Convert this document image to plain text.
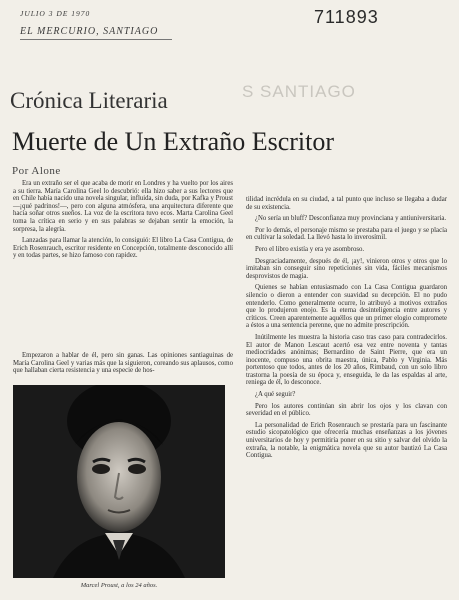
JULIO 3 DE 1970	711893
EL MERCURIO, SANTIAGO
S SANTIAGO
Crónica Literaria
Muerte de Un Extraño Escritor
Por Alone

Era un extraño ser el que acaba de morir en Londres y ha vuelto por los aires a su tierra. María Carolina Geel lo descubrió: ella hizo saber a sus lectores que en Chile había nacido una novela singular, influida, sin duda, por Kafka y Proust —¡qué padrinos!—, pero con alguna atmósfera, una arquitectura diferente que hacía soñar otros sueños. La voz de la escritora tuvo ecos. Marta Carolina Geel toma la crítica en serio y en sus palabras se dejaban sentir la emoción, la sorpresa, la alegría.

Lanzadas para llamar la atención, lo consiguió: El libro La Casa Contigua, de Erich Rosenrauch, escritor residente en Concepción, totalmente desconocido allí y en todas partes, se hizo famoso con rapidez.

Empezaron a hablar de él, pero sin ganas. Las opiniones santiaguinas de María Carolina Geel y varias más que la siguieron, coreando sus aplausos, como que hallaban cierta resistencia y una especie de hos-

Marcel Proust, a los 24 años.

tilidad incrédula en su ciudad, a tal punto que incluso se llegaba a dudar de su existencia.

¿No sería un bluff? Desconfianza muy provinciana y antiuniversitaria.

Por lo demás, el personaje mismo se prestaba para el juego y se placía en cultivar la soledad. La llevó hasta lo inverosímil.

Pero el libro existía y era ye asombroso.

Desgraciadamente, después de él, ¡ay!, vinieron otros y otros que lo imitaban sin conseguir sino repeticiones sin vida, fáciles mecanismos desprovistos de magia.

Quienes se habían entusiasmado con La Casa Contigua guardaron silencio o dieron a entender con suavidad su decepción. El no pudo entenderlo. Como generalmente ocurre, lo atribuyó a motivos extraños que lo produjeron enojo. Es la eterna desinteligencia entre autores y críticos. Creen aparentemente aquéllos que un primer elogio compromete a éstos a una sentencia perenne, que no admite prescripción.

Inútilmente les muestra la historia caso tras caso para contradecirlos. El autor de Manon Lescaut acertó esa vez entre noventa y tantas mediocridades anónimas; Bernardino de Saint Pierre, que era un inocente, compuso una obrita maestra, única, Pablo y Virginia. Más portentoso que todos, antes de los 20 años, Rimbaud, con un solo libro trastorna la poesía de su época y, enseguida, le da las espaldas al arte, reniega de él, lo desconoce.

¿A qué seguir?

Pero los autores continúan sin abrir los ojos y los clavan con severidad en el público.

La personalidad de Erich Rosenrauch se prestaría para un fascinante estudio sicopatológico que ofrecería muchas enseñanzas a los jóvenes universitarios de hoy y permitiría poner en su sitio y salvar del olvido la extraña, la notable, la enigmática novela que su autor bautizó La Casa Contigua.
